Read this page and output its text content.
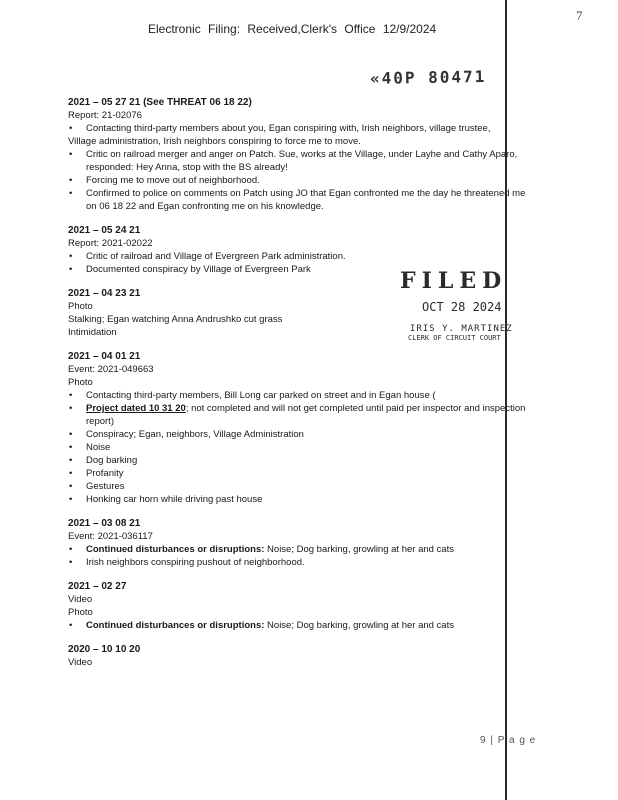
7
Electronic Filing: Received,Clerk's Office 12/9/2024
«40P 80471
FILED
OCT 28 2024
IRIS Y. MARTINEZ
CLERK OF CIRCUIT COURT
2021 – 05 27 21 (See THREAT 06 18 22)
Report: 21-02076
• Contacting third-party members about you, Egan conspiring with, Irish neighbors, village trustee,
Village administration, Irish neighbors conspiring to force me to move.
• Critic on railroad merger and anger on Patch. Sue, works at the Village, under Layhe and Cathy Aparo, responded: Hey Anna, stop with the BS already!
• Forcing me to move out of neighborhood.
• Confirmed to police on comments on Patch using JO that Egan confronted me the day he threatened me on 06 18 22 and Egan confronting me on his knowledge.
2021 – 05 24 21
Report: 2021-02022
• Critic of railroad and Village of Evergreen Park administration.
• Documented conspiracy by Village of Evergreen Park
2021 – 04 23 21
Photo
Stalking; Egan watching Anna Andrushko cut grass
Intimidation
2021 – 04 01 21
Event: 2021-049663
Photo
• Contacting third-party members, Bill Long car parked on street and in Egan house (
• Project dated 10 31 20; not completed and will not get completed until paid per inspector and inspection report)
• Conspiracy; Egan, neighbors, Village Administration
• Noise
• Dog barking
• Profanity
• Gestures
• Honking car horn while driving past house
2021 – 03 08 21
Event: 2021-036117
• Continued disturbances or disruptions: Noise; Dog barking, growling at her and cats
• Irish neighbors conspiring pushout of neighborhood.
2021 – 02 27
Video
Photo
• Continued disturbances or disruptions: Noise; Dog barking, growling at her and cats
2020 – 10 10 20
Video
9 | P a g e
